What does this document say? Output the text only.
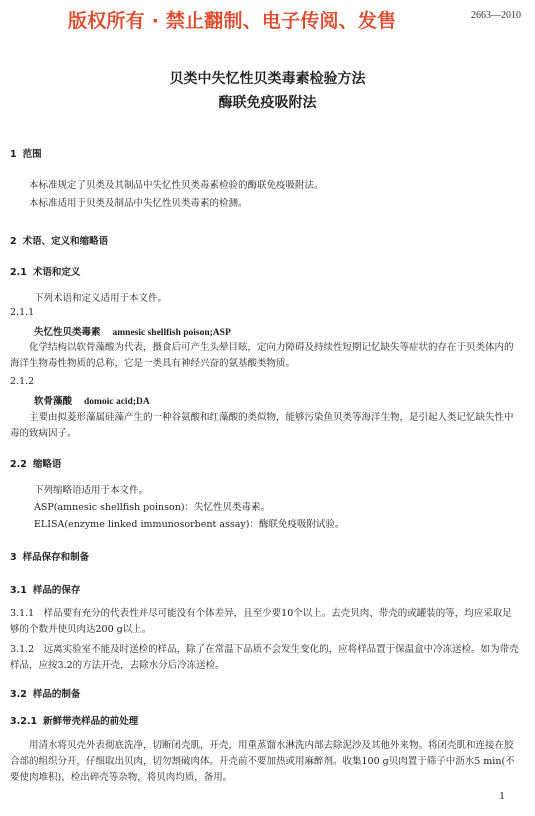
版权所有 · 禁止翻制、电子传阅、发售	2663—2010
贝类中失忆性贝类毒素检验方法
酶联免疫吸附法

1 范围

本标准规定了贝类及其制品中失忆性贝类毒素检验的酶联免疫吸附法。

本标准适用于贝类及制品中失忆性贝类毒素的检测。

2 术语、定义和缩略语

2.1 术语和定义

下列术语和定义适用于本文件。

2.1.1

失忆性贝类毒素 amnesic shellfish poison;ASP

化学结构以软骨藻酸为代表，摄食后可产生头晕目眩，定向力障碍及持续性短期记忆缺失等症状的存在于贝类体内的海洋生物毒性物质的总称，它是一类具有神经兴奋的氨基酸类物质。

2.1.2

软骨藻酸 domoic acid;DA

主要由拟菱形藻属硅藻产生的一种谷氨酸和红藻酸的类似物，能够污染鱼贝类等海洋生物，是引起人类记忆缺失性中毒的致病因子。

2.2 缩略语

下列缩略语适用于本文件。

ASP(amnesic shellfish poinson)：失忆性贝类毒素。

ELISA(enzyme linked immunosorbent assay)：酶联免疫吸附试验。

3 样品保存和制备

3.1 样品的保存

3.1.1　样品要有充分的代表性并尽可能没有个体差异，且至少要10个以上。去壳贝肉、带壳的或罐装的等，均应采取足够的个数并使贝肉达200 g以上。

3.1.2　远离实验室不能及时送检的样品，除了在常温下品质不会发生变化的，应将样品置于保温盒中冷冻送检。如为带壳样品，应按3.2的方法开壳，去除水分后冷冻送检。

3.2 样品的制备

3.2.1 新鲜带壳样品的前处理

用清水将贝壳外表彻底洗净，切断闭壳肌，开壳，用重蒸馏水淋洗内部去除泥沙及其他外来物。将闭壳肌和连接在胶合部的组织分开，仔细取出贝肉，切勿割破肉体。开壳前不要加热或用麻醉剂。收集100 g贝肉置于筛子中沥水5 min(不要使肉堆积)，检出碎壳等杂物，将贝肉均质，备用。

1
